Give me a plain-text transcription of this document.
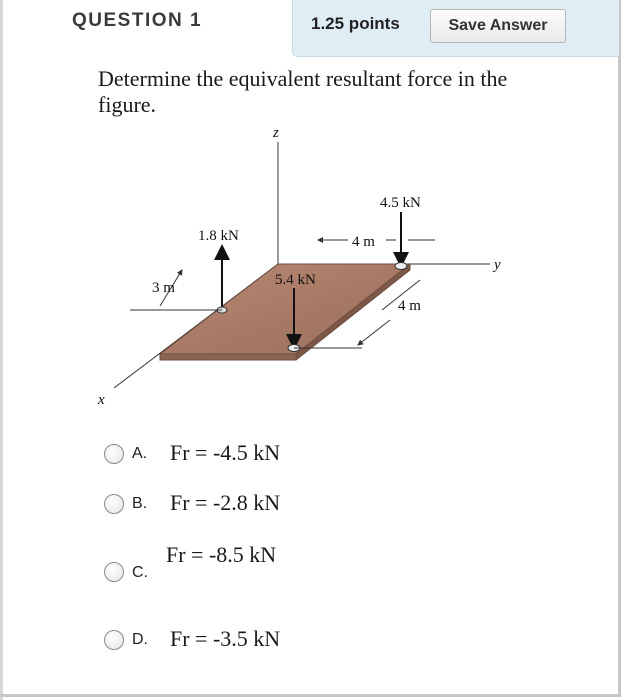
QUESTION 1	1.25 points	Save Answer
Determine the equivalent resultant force in the figure.
1.8 kN
5.4 kN
4.5 kN
4 m
3 m
4 m
z
y
x
A. Fr = -4.5 kN
B. Fr = -2.8 kN
C.
Fr = -8.5 kN
D. Fr = -3.5 kN
